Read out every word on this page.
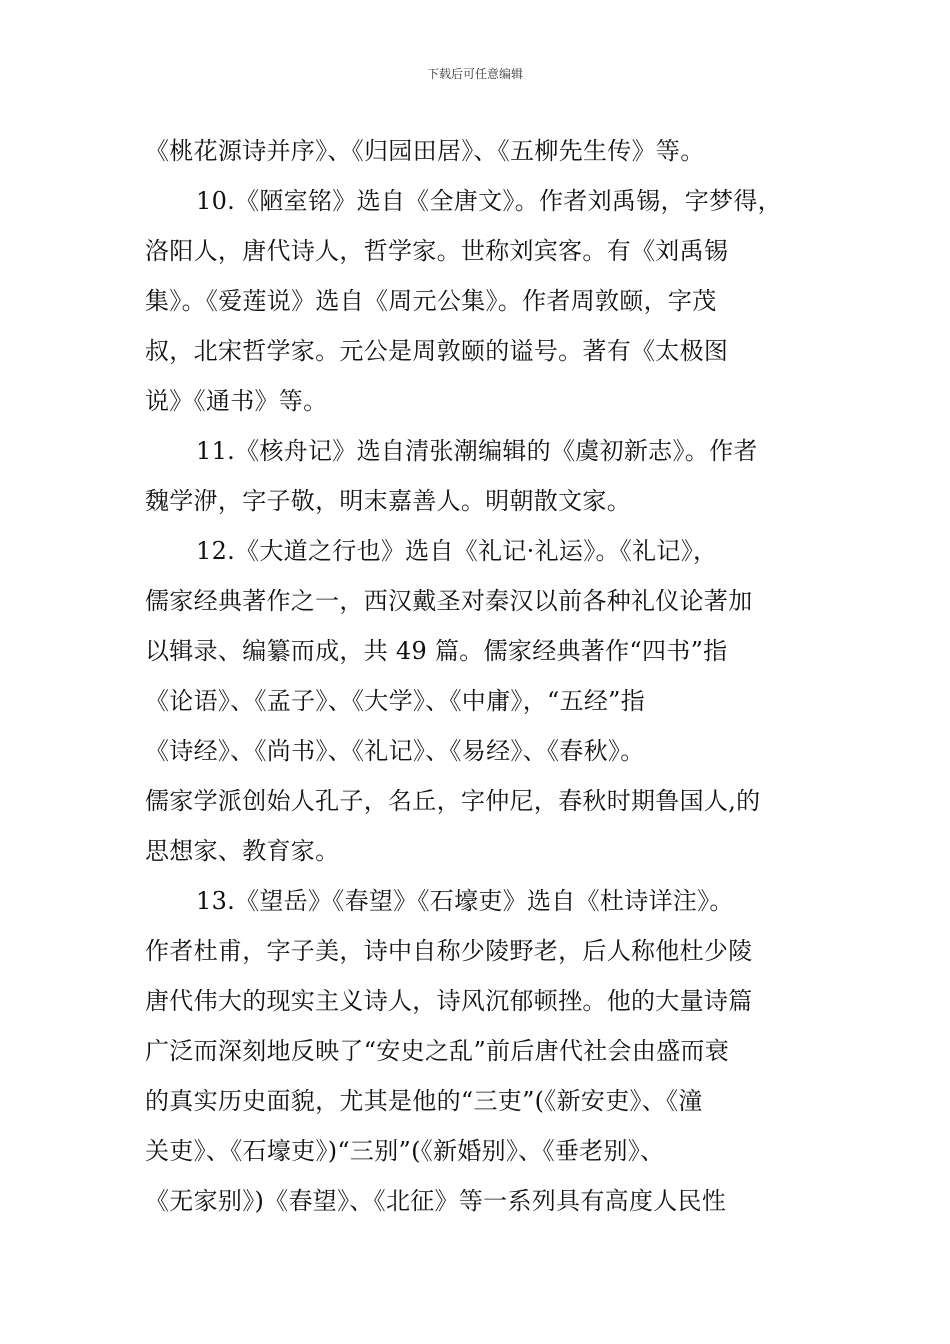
下载后可任意编辑
《桃花源诗并序》、《归园田居》、《五柳先生传》等。
10.《陋室铭》选自《全唐文》。作者刘禹锡，字梦得，
洛阳人，唐代诗人，哲学家。世称刘宾客。有《刘禹锡
集》。《爱莲说》选自《周元公集》。作者周敦颐，字茂
叔，北宋哲学家。元公是周敦颐的谥号。著有《太极图
说》《通书》等。
11.《核舟记》选自清张潮编辑的《虞初新志》。作者
魏学洢，字子敬，明末嘉善人。明朝散文家。
12.《大道之行也》选自《礼记·礼运》。《礼记》，
儒家经典著作之一，西汉戴圣对秦汉以前各种礼仪论著加
以辑录、编纂而成，共 49 篇。儒家经典著作“四书”指
《论语》、《孟子》、《大学》、《中庸》，“五经”指
《诗经》、《尚书》、《礼记》、《易经》、《春秋》。
儒家学派创始人孔子，名丘，字仲尼，春秋时期鲁国人,的
思想家、教育家。
13.《望岳》《春望》《石壕吏》选自《杜诗详注》。
作者杜甫，字子美，诗中自称少陵野老，后人称他杜少陵
唐代伟大的现实主义诗人，诗风沉郁顿挫。他的大量诗篇
广泛而深刻地反映了“安史之乱”前后唐代社会由盛而衰
的真实历史面貌，尤其是他的“三吏”(《新安吏》、《潼
关吏》、《石壕吏》)“三别”(《新婚别》、《垂老别》、
《无家别》)《春望》、《北征》等一系列具有高度人民性
